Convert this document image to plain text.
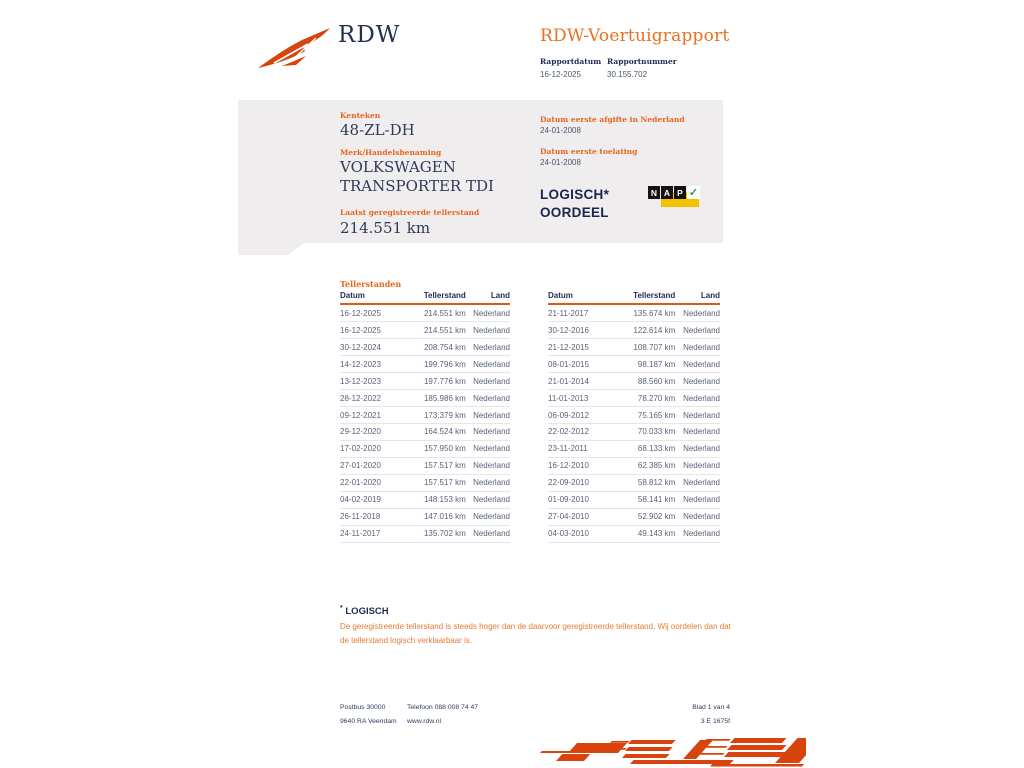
RDW	RDW-Voertuigrapport
Rapportdatum
16-12-2025
Rapportnummer
30.155.702
Kenteken
48-ZL-DH
Merk/Handelsbenaming
VOLKSWAGEN TRANSPORTER TDI
Laatst geregistreerde tellerstand
214.551 km
Datum eerste afgifte in Nederland
24-01-2008
Datum eerste toelating
24-01-2008
LOGISCH*
OORDEEL
N A P ✓
Tellerstanden
Datum	Tellerstand	Land
16-12-2025	214.551 km	Nederland
16-12-2025	214.551 km	Nederland
30-12-2024	208.754 km	Nederland
14-12-2023	199.796 km	Nederland
13-12-2023	197.776 km	Nederland
28-12-2022	185.986 km	Nederland
09-12-2021	173.379 km	Nederland
29-12-2020	164.524 km	Nederland
17-02-2020	157.950 km	Nederland
27-01-2020	157.517 km	Nederland
22-01-2020	157.517 km	Nederland
04-02-2019	148.153 km	Nederland
26-11-2018	147.016 km	Nederland
24-11-2017	135.702 km	Nederland
Datum	Tellerstand	Land
21-11-2017	135.674 km	Nederland
30-12-2016	122.614 km	Nederland
21-12-2015	108.707 km	Nederland
08-01-2015	98.187 km	Nederland
21-01-2014	88.560 km	Nederland
11-01-2013	78.270 km	Nederland
06-09-2012	75.165 km	Nederland
22-02-2012	70.033 km	Nederland
23-11-2011	68.133 km	Nederland
16-12-2010	62.385 km	Nederland
22-09-2010	58.812 km	Nederland
01-09-2010	58.141 km	Nederland
27-04-2010	52.902 km	Nederland
04-03-2010	49.143 km	Nederland
* LOGISCH
De geregistreerde tellerstand is steeds hoger dan de daarvoor geregistreerde tellerstand. Wij oordelen dan dat de tellerstand logisch verklaarbaar is.
Postbus 30000
9640 RA Veendam
Telefoon 088 008 74 47
www.rdw.nl
Blad 1 van 4
3 E 1675f
